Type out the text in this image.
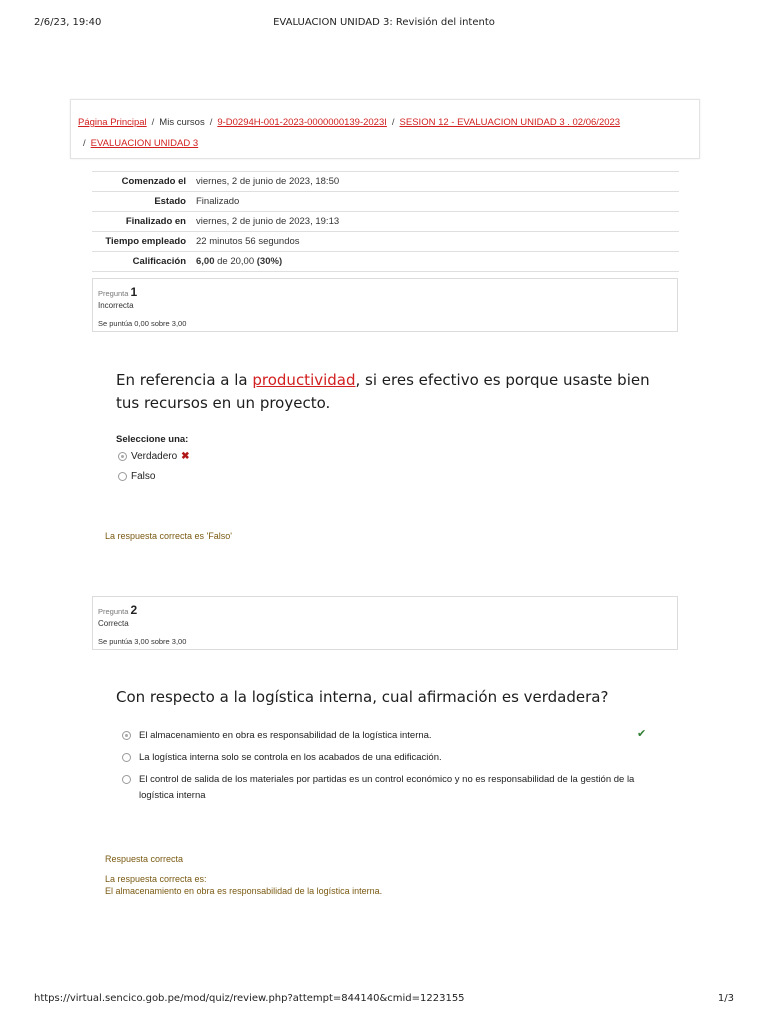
2/6/23, 19:40	EVALUACION UNIDAD 3: Revisión del intento
Página Principal / Mis cursos / 9-D0294H-001-2023-0000000139-2023I / SESION 12 - EVALUACION UNIDAD 3 . 02/06/2023
/ EVALUACION UNIDAD 3
Comenzado el	viernes, 2 de junio de 2023, 18:50
Estado	Finalizado
Finalizado en	viernes, 2 de junio de 2023, 19:13
Tiempo empleado	22 minutos 56 segundos
Calificación	6,00 de 20,00 (30%)
Pregunta 1
Incorrecta
Se puntúa 0,00 sobre 3,00
En referencia a la productividad, si eres efectivo es porque usaste bien tus recursos en un proyecto.
Seleccione una:
Verdadero ✖
Falso
La respuesta correcta es 'Falso'
Pregunta 2
Correcta
Se puntúa 3,00 sobre 3,00
Con respecto a la logística interna, cual afirmación es verdadera?
El almacenamiento en obra es responsabilidad de la logística interna.	✔
La logística interna solo se controla en los acabados de una edificación.
El control de salida de los materiales por partidas es un control económico y no es responsabilidad de la gestión de la logística interna
Respuesta correcta
La respuesta correcta es:
El almacenamiento en obra es responsabilidad de la logística interna.
https://virtual.sencico.gob.pe/mod/quiz/review.php?attempt=844140&cmid=1223155	1/3
